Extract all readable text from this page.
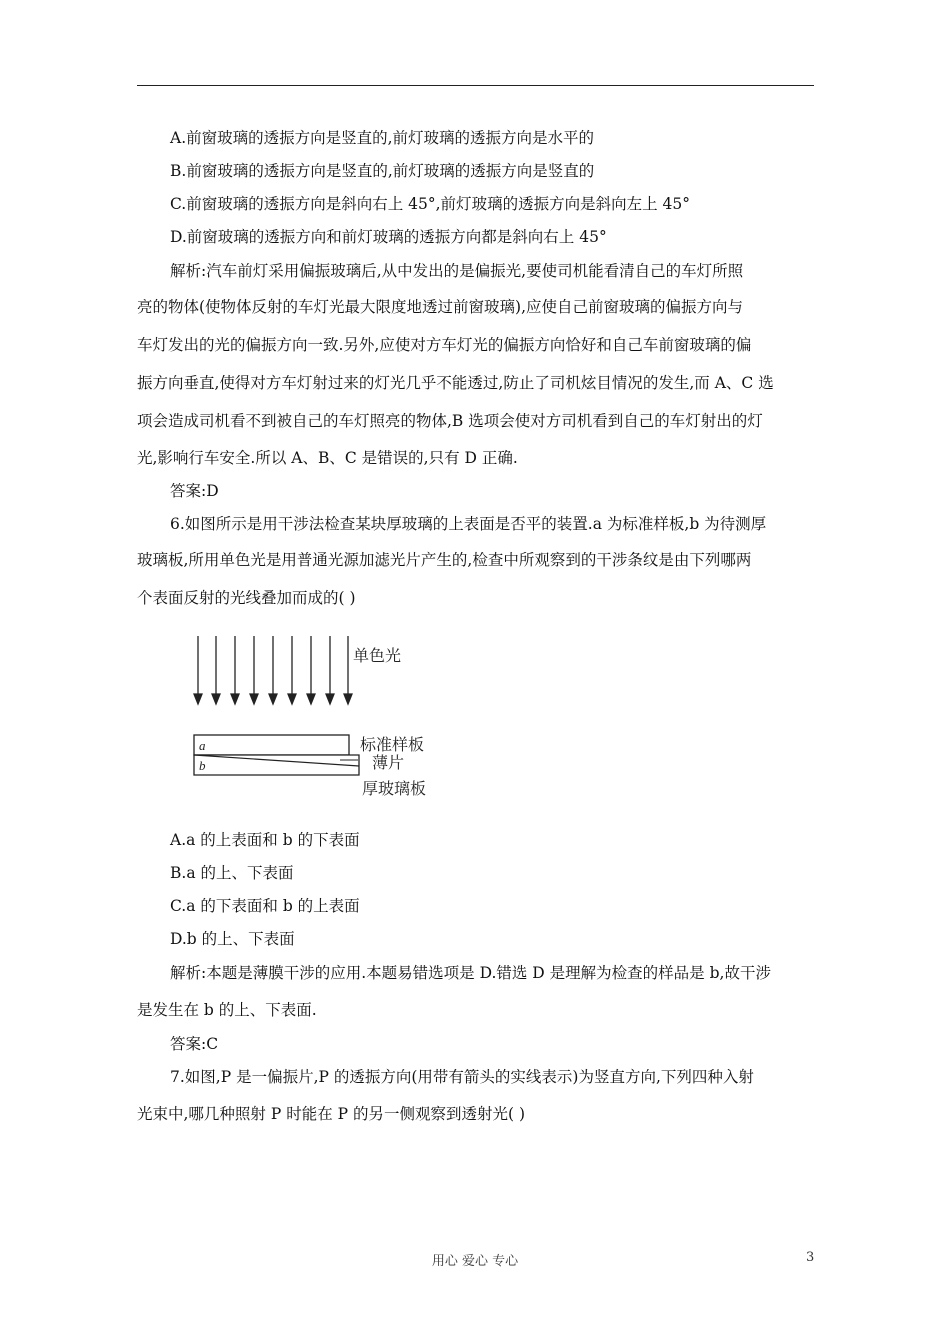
A.前窗玻璃的透振方向是竖直的,前灯玻璃的透振方向是水平的
B.前窗玻璃的透振方向是竖直的,前灯玻璃的透振方向是竖直的
C.前窗玻璃的透振方向是斜向右上 45°,前灯玻璃的透振方向是斜向左上 45°
D.前窗玻璃的透振方向和前灯玻璃的透振方向都是斜向右上 45°
解析:汽车前灯采用偏振玻璃后,从中发出的是偏振光,要使司机能看清自己的车灯所照
亮的物体(使物体反射的车灯光最大限度地透过前窗玻璃),应使自己前窗玻璃的偏振方向与
车灯发出的光的偏振方向一致.另外,应使对方车灯光的偏振方向恰好和自己车前窗玻璃的偏
振方向垂直,使得对方车灯射过来的灯光几乎不能透过,防止了司机炫目情况的发生,而 A、C 选
项会造成司机看不到被自己的车灯照亮的物体,B 选项会使对方司机看到自己的车灯射出的灯
光,影响行车安全.所以 A、B、C 是错误的,只有 D 正确.
答案:D
6.如图所示是用干涉法检查某块厚玻璃的上表面是否平的装置.a 为标准样板,b 为待测厚
玻璃板,所用单色光是用普通光源加滤光片产生的,检查中所观察到的干涉条纹是由下列哪两
个表面反射的光线叠加而成的( )
单色光
a
b
标准样板
薄片
厚玻璃板
A.a 的上表面和 b 的下表面
B.a 的上、下表面
C.a 的下表面和 b 的上表面
D.b 的上、下表面
解析:本题是薄膜干涉的应用.本题易错选项是 D.错选 D 是理解为检查的样品是 b,故干涉
是发生在 b 的上、下表面.
答案:C
7.如图,P 是一偏振片,P 的透振方向(用带有箭头的实线表示)为竖直方向,下列四种入射
光束中,哪几种照射 P 时能在 P 的另一侧观察到透射光( )
用心 爱心 专心	3
